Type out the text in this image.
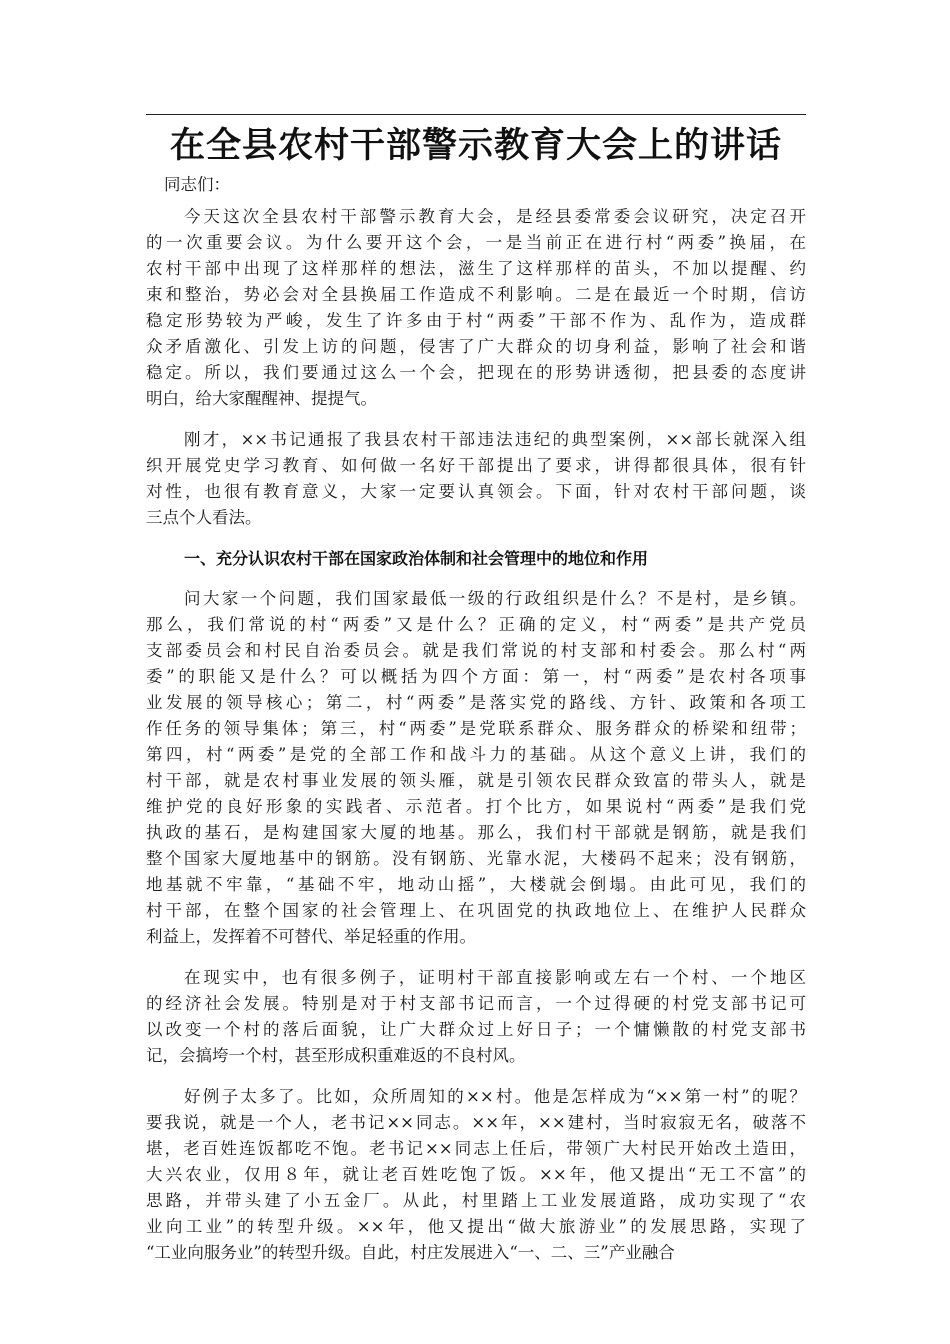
在全县农村干部警示教育大会上的讲话
同志们：
今天这次全县农村干部警示教育大会，是经县委常委会议研究，决定召开
的一次重要会议。为什么要开这个会，一是当前正在进行村“两委”换届，在
农村干部中出现了这样那样的想法，滋生了这样那样的苗头，不加以提醒、约
束和整治，势必会对全县换届工作造成不利影响。二是在最近一个时期，信访
稳定形势较为严峻，发生了许多由于村“两委”干部不作为、乱作为，造成群
众矛盾激化、引发上访的问题，侵害了广大群众的切身利益，影响了社会和谐
稳定。所以，我们要通过这么一个会，把现在的形势讲透彻，把县委的态度讲
明白，给大家醒醒神、提提气。
刚才，××书记通报了我县农村干部违法违纪的典型案例，××部长就深入组
织开展党史学习教育、如何做一名好干部提出了要求，讲得都很具体，很有针
对性，也很有教育意义，大家一定要认真领会。下面，针对农村干部问题，谈
三点个人看法。
一、充分认识农村干部在国家政治体制和社会管理中的地位和作用
问大家一个问题，我们国家最低一级的行政组织是什么？不是村，是乡镇。
那么，我们常说的村“两委”又是什么？正确的定义，村“两委”是共产党员
支部委员会和村民自治委员会。就是我们常说的村支部和村委会。那么村“两
委”的职能又是什么？可以概括为四个方面：第一，村“两委”是农村各项事
业发展的领导核心；第二，村“两委”是落实党的路线、方针、政策和各项工
作任务的领导集体；第三，村“两委”是党联系群众、服务群众的桥梁和纽带；
第四，村“两委”是党的全部工作和战斗力的基础。从这个意义上讲，我们的
村干部，就是农村事业发展的领头雁，就是引领农民群众致富的带头人，就是
维护党的良好形象的实践者、示范者。打个比方，如果说村“两委”是我们党
执政的基石，是构建国家大厦的地基。那么，我们村干部就是钢筋，就是我们
整个国家大厦地基中的钢筋。没有钢筋、光靠水泥，大楼码不起来；没有钢筋，
地基就不牢靠，“基础不牢，地动山摇”，大楼就会倒塌。由此可见，我们的
村干部，在整个国家的社会管理上、在巩固党的执政地位上、在维护人民群众
利益上，发挥着不可替代、举足轻重的作用。
在现实中，也有很多例子，证明村干部直接影响或左右一个村、一个地区
的经济社会发展。特别是对于村支部书记而言，一个过得硬的村党支部书记可
以改变一个村的落后面貌，让广大群众过上好日子；一个慵懒散的村党支部书
记，会搞垮一个村，甚至形成积重难返的不良村风。
好例子太多了。比如，众所周知的××村。他是怎样成为“××第一村”的呢？
要我说，就是一个人，老书记××同志。××年，××建村，当时寂寂无名，破落不
堪，老百姓连饭都吃不饱。老书记××同志上任后，带领广大村民开始改土造田，
大兴农业，仅用８年，就让老百姓吃饱了饭。××年，他又提出“无工不富”的
思路，并带头建了小五金厂。从此，村里踏上工业发展道路，成功实现了“农
业向工业”的转型升级。××年，他又提出“做大旅游业”的发展思路，实现了
“工业向服务业”的转型升级。自此，村庄发展进入“一、二、三”产业融合
